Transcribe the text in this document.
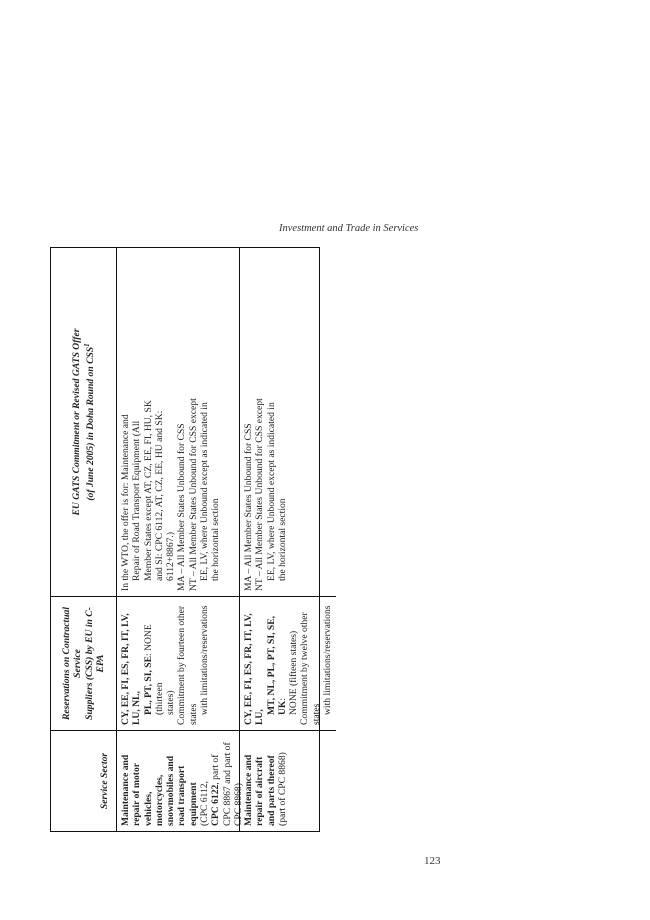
Investment and Trade in Services
Service Sector
Reservations on Contractual Service Suppliers (CSS) by EU in C-EPA
EU GATS Commitment or Revised GATS Offer (of June 2005) in Doha Round on CSS$^1$
Maintenance and repair of motor vehicles, motorcycles, snowmobiles and road transport equipment (CPC 6112, CPC 6122, part of CPC 8867 and part of CPC 8868)
CY, EE, FI, ES, FR, IT, LV, LU, NL, PL, PT, SI, SE: NONE (thirteen states) Commitment by fourteen other states with limitations/reservations
In the WTO, the offer is for: Maintenance and Repair of Road Transport Equipment (All Member States except AT, CZ, EE, FI, HU, SK and SI: CPC 6112, AT, CZ, EE, HU and SK: 6112+8867.) MA – All Member States Unbound for CSS NT – All Member States Unbound for CSS except EE, LV, where Unbound except as indicated in the horizontal section
Maintenance and repair of aircraft and parts thereof (part of CPC 8868)
CY, EE, FI, ES, FR, IT, LV, LU,
MT, NL, PL, PT, SI, SE, UK: NONE (fifteen states) Commitment by twelve other states with limitations/reservations
MA – All Member States Unbound for CSS NT – All Member States Unbound for CSS except EE, LV, where Unbound except as indicated in the horizontal section
123
